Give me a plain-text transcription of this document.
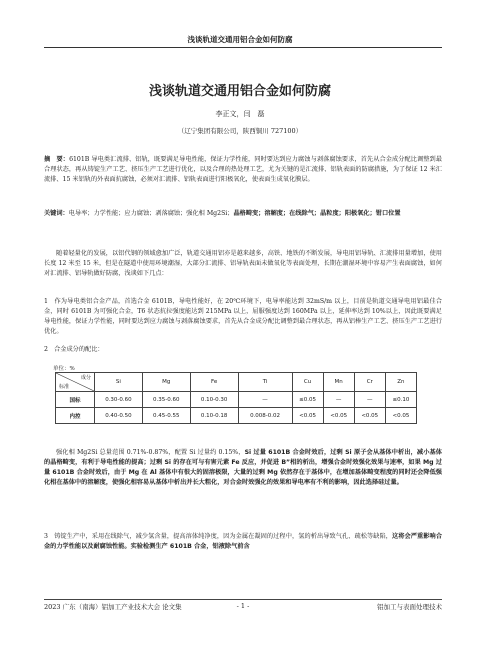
浅谈轨道交通用铝合金如何防腐
浅谈轨道交通用铝合金如何防腐
李正文，闫　磊
（辽宁集团有限公司，陕西铜川 727100）
摘　要：6101B 导电类汇流排、铝轨，既要满足导电性能，保证力学性能，同时要达到应力腐蚀与剥落腐蚀要求，首先从合金成分配比调整到最合理状态，再从铸锭生产工艺、挤压生产工艺进行优化，以及合理的热处理工艺，尤为关键的是汇流排、铝轨表面的防腐措施，为了保证 12 米汇流排、15 米铝轨的外表面抗腐蚀，必须对汇流排、铝轨表面进行阳极氧化，使表面生成氧化膜层。
关键词：电导率；力学性能；应力腐蚀；剥落腐蚀；强化相 Mg2Si；晶格畸变；溶解度；在线除气；晶粒度；阳极氧化；钳口位置
随着轻量化的发展，以铝代钢的领域愈加广泛，轨道交通用铝亦是越来越多，高铁、地铁的不断发展，导电用铝导轨、汇流排用量增加，使用长度 12 米至 15 米，但是在隧道中使用环境潮湿，大部分汇流排、铝导轨表面未做氧化等表面处理，长期在潮湿环境中容易产生表面腐蚀，如何对汇流排、铝导轨做好防腐，浅谈如下几点：
1　作为导电类铝合金产品，首选合金 6101B，导电性能好，在 20℃环境下，电导率能达到 32mS/m 以上，目前是轨道交通导电用铝最佳合金，同时 6101B 为可强化合金，T6 状态抗拉强度能达到 215MPa 以上，屈服强度达到 160MPa 以上，延伸率达到 10%以上，因此既要满足导电性能，保证力学性能，同时要达到应力腐蚀与剥落腐蚀要求，首先从合金成分配比调整到最合理状态，再从铝棒生产工艺、挤压生产工艺进行优化。
2　合金成分的配比：
单位：%
成分
标准	Si	Mg	Fe	Ti	Cu	Mn	Cr	Zn
国标	0.30-0.60	0.35-0.60	0.10-0.30	—	≤0.05	—	—	≤0.10
内控	0.40-0.50	0.45-0.55	0.10-0.18	0.008-0.02	<0.05	<0.05	<0.05	<0.05
强化相 Mg2Si 总量范围 0.71%-0.87%，配置 Si 过量约 0.15%，Si 过量 6101B 合金时效后，过剩 Si 原子会从基体中析出，减小基体的晶格畸变，有利于导电性能的提高；过剩 Si 的存在可与有害元素 Fe 反应，并促进 B”相的析出，增强合金时效强化效果与速率，如果 Mg 过量 6101B 合金时效后，由于 Mg 在 Al 基体中有很大的固溶极限，大量的过剩 Mg 依然存在于基体中，在增加基体畸变程度的同时还会降低强化相在基体中的溶解度，使强化相容易从基体中析出并长大粗化，对合金时效强化的效果和导电率有不利的影响，因此选择硅过量。
3　铸锭生产中，采用在线除气，减少氢含量，提高溶体纯净度，因为金属在凝固的过程中，氢的析出导致气孔、疏松等缺陷，这将会严重影响合金的力学性能以及耐腐蚀性能。实验检测生产 6101B 合金，铝液除气前含
2023 广东（南海）铝加工产业技术大会 论文集	- 1 -	铝加工与表面处理技术
